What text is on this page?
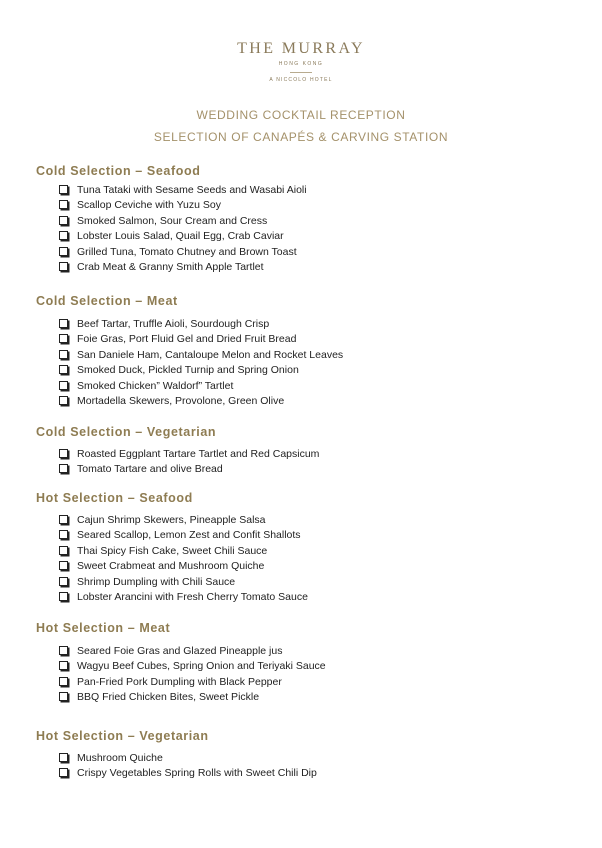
THE MURRAY
HONG KONG
A NICCOLO HOTEL
WEDDING COCKTAIL RECEPTION
SELECTION OF CANAPÉS & CARVING STATION
Cold Selection – Seafood
Tuna Tataki with Sesame Seeds and Wasabi Aioli
Scallop Ceviche with Yuzu Soy
Smoked Salmon, Sour Cream and Cress
Lobster Louis Salad, Quail Egg, Crab Caviar
Grilled Tuna, Tomato Chutney and Brown Toast
Crab Meat & Granny Smith Apple Tartlet
Cold Selection – Meat
Beef Tartar, Truffle Aioli, Sourdough Crisp
Foie Gras, Port Fluid Gel and Dried Fruit Bread
San Daniele Ham, Cantaloupe Melon and Rocket Leaves
Smoked Duck, Pickled Turnip and Spring Onion
Smoked Chicken” Waldorf” Tartlet
Mortadella Skewers, Provolone, Green Olive
Cold Selection – Vegetarian
Roasted Eggplant Tartare Tartlet and Red Capsicum
Tomato Tartare and olive Bread
Hot Selection – Seafood
Cajun Shrimp Skewers, Pineapple Salsa
Seared Scallop, Lemon Zest and Confit Shallots
Thai Spicy Fish Cake, Sweet Chili Sauce
Sweet Crabmeat and Mushroom Quiche
Shrimp Dumpling with Chili Sauce
Lobster Arancini with Fresh Cherry Tomato Sauce
Hot Selection – Meat
Seared Foie Gras and Glazed Pineapple jus
Wagyu Beef Cubes, Spring Onion and Teriyaki Sauce
Pan-Fried Pork Dumpling with Black Pepper
BBQ Fried Chicken Bites, Sweet Pickle
Hot Selection – Vegetarian
Mushroom Quiche
Crispy Vegetables Spring Rolls with Sweet Chili Dip
